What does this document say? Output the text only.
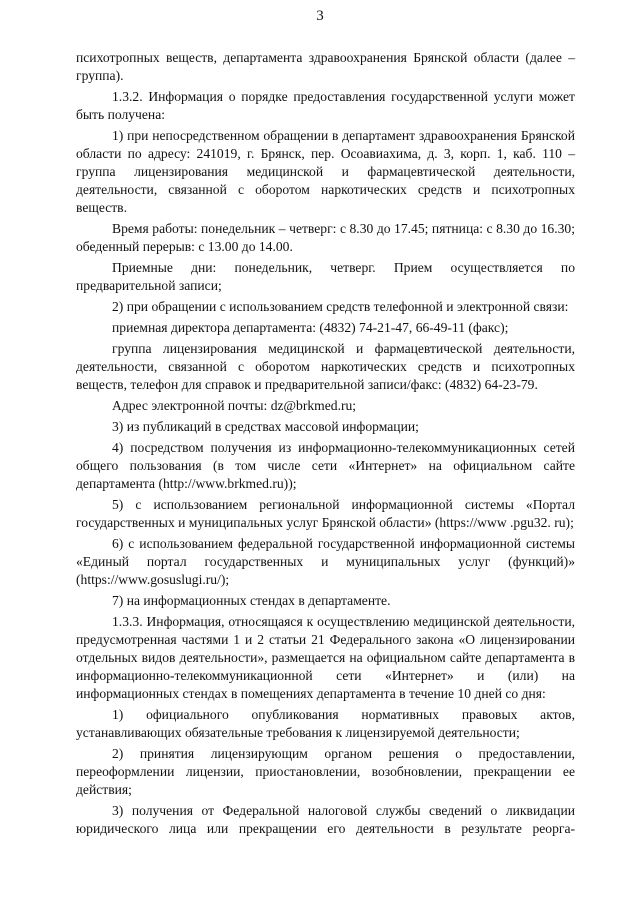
3

психотропных веществ, департамента здравоохранения Брянской области (далее – группа).

1.3.2. Информация о порядке предоставления государственной услуги может быть получена:

1) при непосредственном обращении в департамент здравоохранения Брянской области по адресу: 241019, г. Брянск, пер. Осоавиахима, д. 3, корп. 1, каб. 110 – группа лицензирования медицинской и фармацевтической деятельности, деятельности, связанной с оборотом наркотических средств и психотропных веществ.

Время работы: понедельник – четверг: с 8.30 до 17.45; пятница: с 8.30 до 16.30; обеденный перерыв: с 13.00 до 14.00.

Приемные дни: понедельник, четверг. Прием осуществляется по предварительной записи;

2) при обращении с использованием средств телефонной и электронной связи:

приемная директора департамента: (4832) 74-21-47, 66-49-11 (факс);

группа лицензирования медицинской и фармацевтической деятельности, деятельности, связанной с оборотом наркотических средств и психотропных веществ, телефон для справок и предварительной записи/факс: (4832) 64-23-79.

Адрес электронной почты: dz@brkmed.ru;

3) из публикаций в средствах массовой информации;

4) посредством получения из информационно-телекоммуникационных сетей общего пользования (в том числе сети «Интернет» на официальном сайте департамента (http://www.brkmed.ru));

5) с использованием региональной информационной системы «Портал государственных и муниципальных услуг Брянской области» (https://www .pgu32. ru);

6) с использованием федеральной государственной информационной системы «Единый портал государственных и муниципальных услуг (функций)» (https://www.gosuslugi.ru/);

7) на информационных стендах в департаменте.

1.3.3. Информация, относящаяся к осуществлению медицинской деятельности, предусмотренная частями 1 и 2 статьи 21 Федерального закона «О лицензировании отдельных видов деятельности», размещается на официальном сайте департамента в информационно-телекоммуникационной сети «Интернет» и (или) на информационных стендах в помещениях департамента в течение 10 дней со дня:

1) официального опубликования нормативных правовых актов, устанавливающих обязательные требования к лицензируемой деятельности;

2) принятия лицензирующим органом решения о предоставлении, переоформлении лицензии, приостановлении, возобновлении, прекращении ее действия;

3) получения от Федеральной налоговой службы сведений о ликвидации юридического лица или прекращении его деятельности в результате реорга-
